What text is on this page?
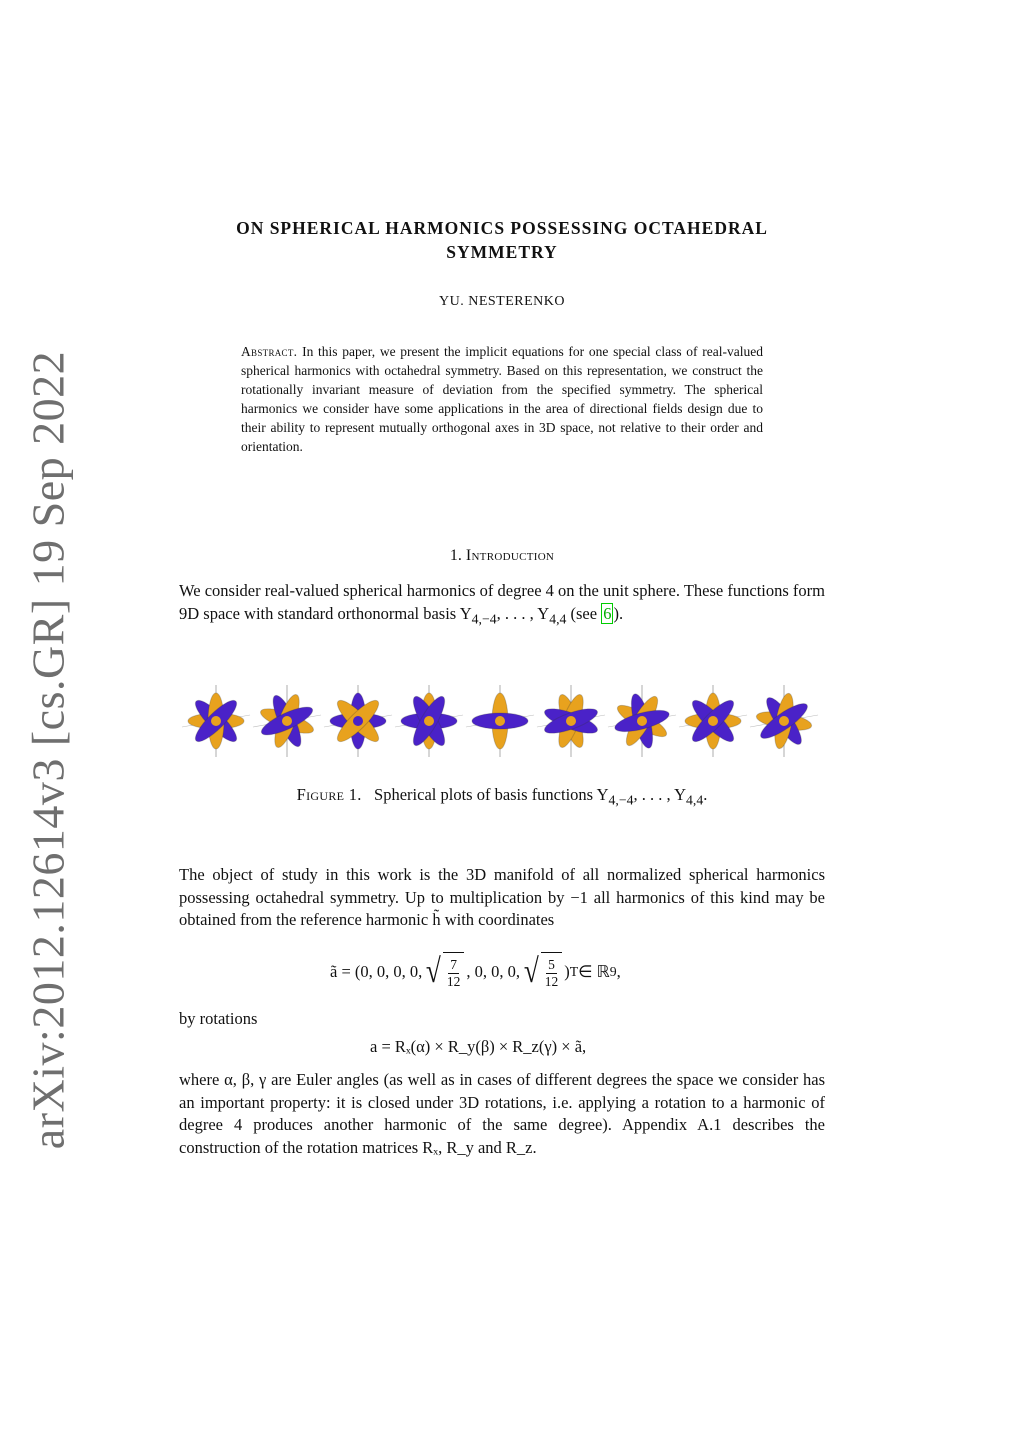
arXiv:2012.12614v3 [cs.GR] 19 Sep 2022
ON SPHERICAL HARMONICS POSSESSING OCTAHEDRAL
SYMMETRY
YU. NESTERENKO
Abstract. In this paper, we present the implicit equations for one special class of real-valued spherical harmonics with octahedral symmetry. Based on this representation, we construct the rotationally invariant measure of deviation from the specified symmetry. The spherical harmonics we consider have some applications in the area of directional fields design due to their ability to represent mutually orthogonal axes in 3D space, not relative to their order and orientation.
1. Introduction
We consider real-valued spherical harmonics of degree 4 on the unit sphere. These functions form 9D space with standard orthonormal basis $Y_{4,-4}$, . . . , $Y_{4,4}$ (see 6 ).
Figure 1. Spherical plots of basis functions $Y_{4,-4}$, . . . , $Y_{4,4}$.
The object of study in this work is the 3D manifold of all normalized spherical harmonics possessing octahedral symmetry. Up to multiplication by −1 all harmonics of this kind may be obtained from the reference harmonic h̃ with coordinates
ã = (0, 0, 0, 0, √ $\frac{7}{12}$ , 0, 0, 0, √ $\frac{5}{12}$ ) T ∈ ℝ 9 ,
by rotations
a = Rₓ(α) × R_y(β) × R_z(γ) × ã,
where α, β, γ are Euler angles (as well as in cases of different degrees the space we consider has an important property: it is closed under 3D rotations, i.e. applying a rotation to a harmonic of degree 4 produces another harmonic of the same degree). Appendix A.1 describes the construction of the rotation matrices Rₓ, R_y and R_z.
